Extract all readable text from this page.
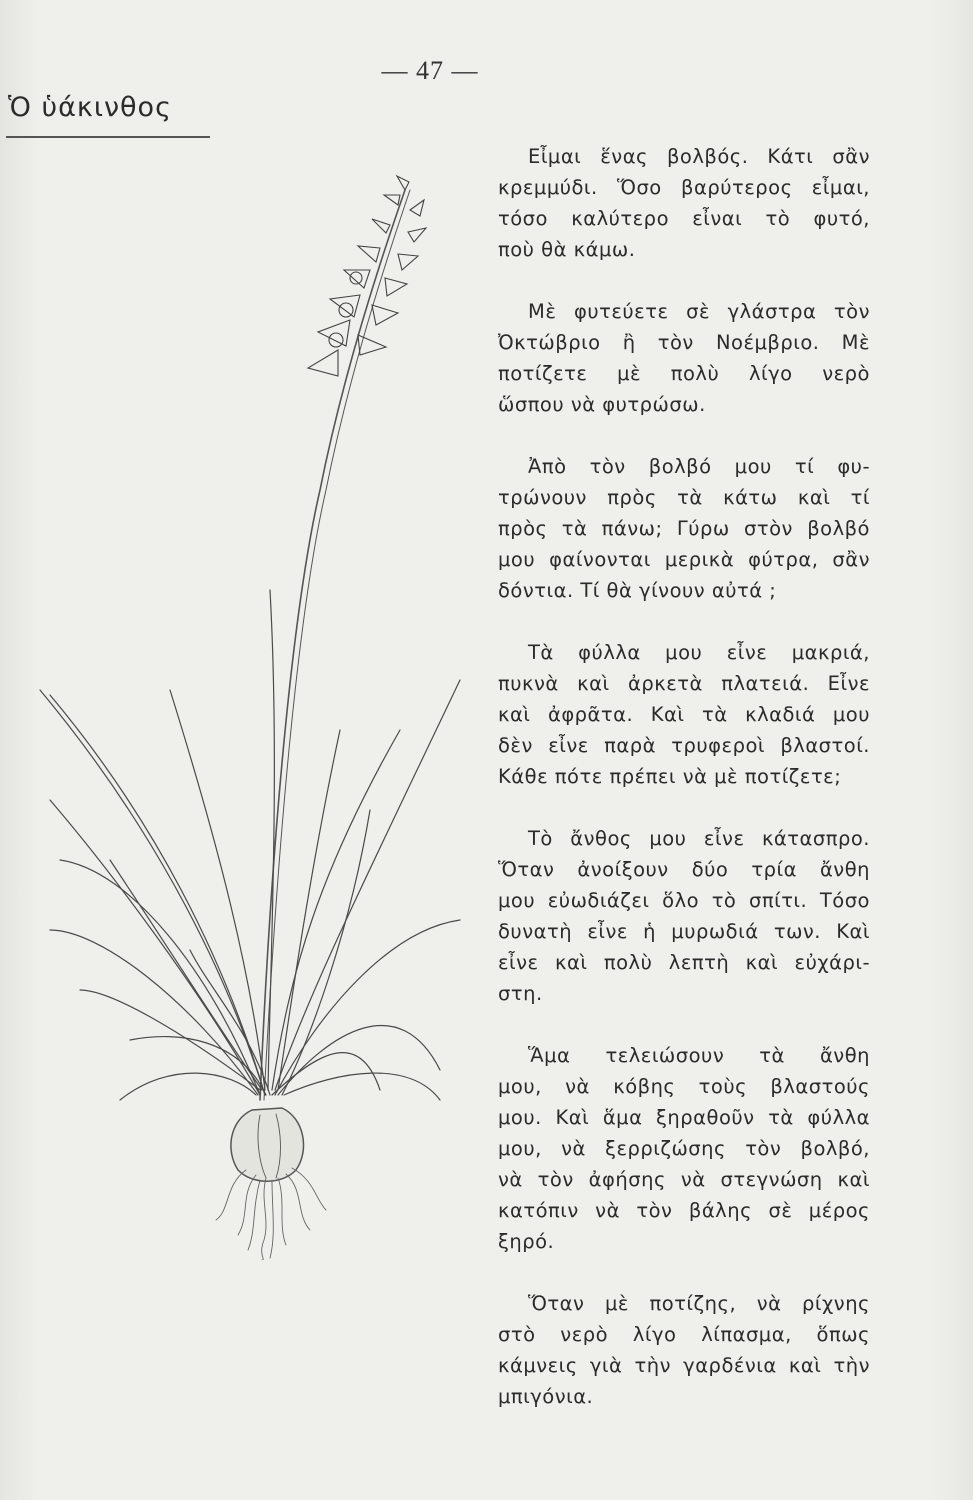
— 47 —
Ὁ ὑάκινθος

Εἶμαι ἕνας βολβός. Κάτι σἂν
κρεμμύδι. Ὅσο βαρύτερος εἶμαι,
τόσο καλύτερο εἶναι τὸ φυτό,
ποὺ θὰ κάμω.

Μὲ φυτεύετε σὲ γλάστρα τὸν
Ὀκτώβριο ἢ τὸν Νοέμβριο. Μὲ
ποτίζετε μὲ πολὺ λίγο νερὸ
ὥσπου νὰ φυτρώσω.

Ἀπὸ τὸν βολβό μου τί φυ-
τρώνουν πρὸς τὰ κάτω καὶ τί
πρὸς τὰ πάνω; Γύρω στὸν βολβό
μου φαίνονται μερικὰ φύτρα, σἂν
δόντια. Τί θὰ γίνουν αὐτά ;

Τὰ φύλλα μου εἶνε μακριά,
πυκνὰ καὶ ἀρκετὰ πλατειά. Εἶνε
καὶ ἀφρᾶτα. Καὶ τὰ κλαδιά μου
δὲν εἶνε παρὰ τρυφεροὶ βλαστοί.
Κάθε πότε πρέπει νὰ μὲ ποτίζετε;

Τὸ ἄνθος μου εἶνε κάτασπρο.
Ὅταν ἀνοίξουν δύο τρία ἄνθη
μου εὐωδιάζει ὅλο τὸ σπίτι. Τόσο
δυνατὴ εἶνε ἡ μυρωδιά των. Καὶ
εἶνε καὶ πολὺ λεπτὴ καὶ εὐχάρι-
στη.

Ἅμα τελειώσουν τὰ ἄνθη
μου, νὰ κόβης τοὺς βλαστούς
μου. Καὶ ἅμα ξηραθοῦν τὰ φύλλα
μου, νὰ ξερριζώσης τὸν βολβό,
νὰ τὸν ἀφήσης νὰ στεγνώση καὶ
κατόπιν νὰ τὸν βάλης σὲ μέρος
ξηρό.

Ὅταν μὲ ποτίζης, νὰ ρίχνης
στὸ νερὸ λίγο λίπασμα, ὅπως
κάμνεις γιὰ τὴν γαρδένια καὶ τὴν
μπιγόνια.
